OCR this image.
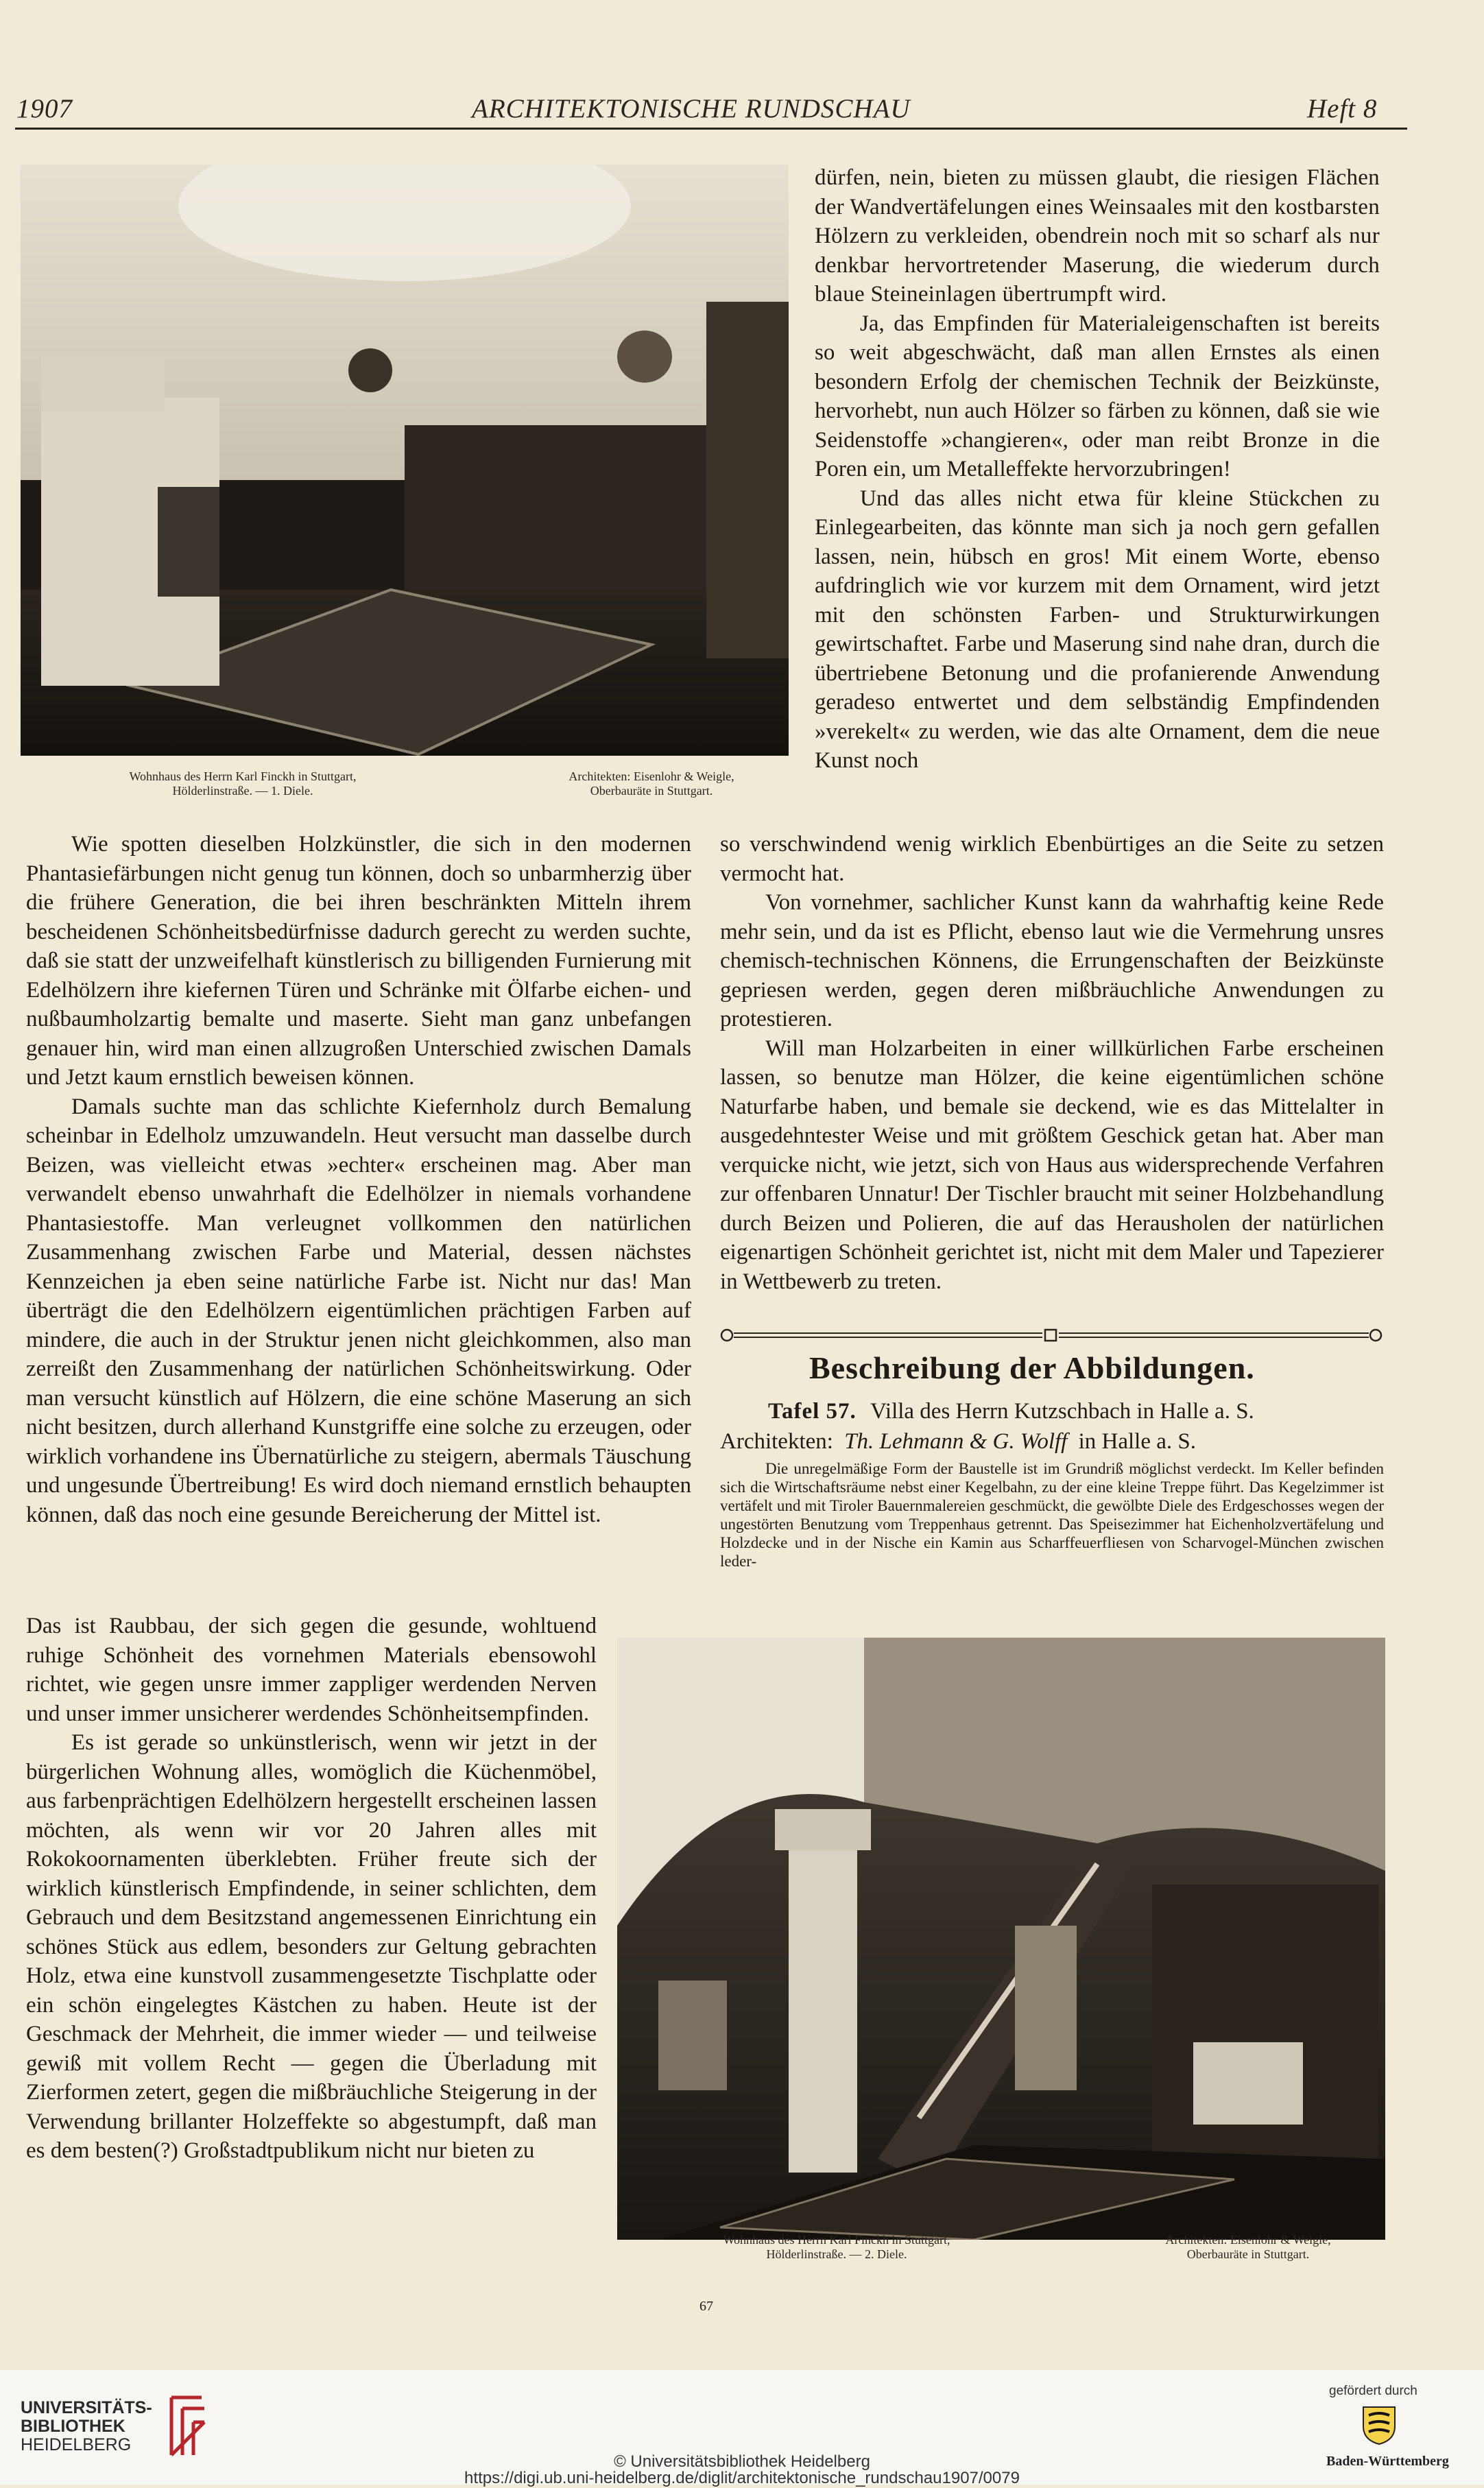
1907	ARCHITEKTONISCHE RUNDSCHAU	Heft 8
Wohnhaus des Herrn Karl Finckh in Stuttgart,
Hölderlinstraße. — 1. Diele.
Architekten: Eisenlohr & Weigle,
Oberbauräte in Stuttgart.

dürfen, nein, bieten zu müssen glaubt, die riesigen Flächen der Wandvertäfelungen eines Weinsaales mit den kostbarsten Hölzern zu verkleiden, obendrein noch mit so scharf als nur denkbar hervortretender Maserung, die wiederum durch blaue Steineinlagen übertrumpft wird.

Ja, das Empfinden für Materialeigenschaften ist bereits so weit abgeschwächt, daß man allen Ernstes als einen besondern Erfolg der chemischen Technik der Beizkünste, hervorhebt, nun auch Hölzer so färben zu können, daß sie wie Seidenstoffe »changieren«, oder man reibt Bronze in die Poren ein, um Metalleffekte hervorzubringen!

Und das alles nicht etwa für kleine Stückchen zu Einlegearbeiten, das könnte man sich ja noch gern gefallen lassen, nein, hübsch en gros! Mit einem Worte, ebenso aufdringlich wie vor kurzem mit dem Ornament, wird jetzt mit den schönsten Farben- und Strukturwirkungen gewirtschaftet. Farbe und Maserung sind nahe dran, durch die übertriebene Betonung und die profanierende Anwendung geradeso entwertet und dem selbständig Empfindenden »verekelt« zu werden, wie das alte Ornament, dem die neue Kunst noch

Wie spotten dieselben Holzkünstler, die sich in den modernen Phantasiefärbungen nicht genug tun können, doch so unbarmherzig über die frühere Generation, die bei ihren beschränkten Mitteln ihrem bescheidenen Schönheitsbedürfnisse dadurch gerecht zu werden suchte, daß sie statt der unzweifelhaft künstlerisch zu billigenden Furnierung mit Edelhölzern ihre kiefernen Türen und Schränke mit Ölfarbe eichen- und nußbaumholzartig bemalte und maserte. Sieht man ganz unbefangen genauer hin, wird man einen allzugroßen Unterschied zwischen Damals und Jetzt kaum ernstlich beweisen können.

Damals suchte man das schlichte Kiefernholz durch Bemalung scheinbar in Edelholz umzuwandeln. Heut versucht man dasselbe durch Beizen, was vielleicht etwas »echter« erscheinen mag. Aber man verwandelt ebenso unwahrhaft die Edelhölzer in niemals vorhandene Phantasiestoffe. Man verleugnet vollkommen den natürlichen Zusammenhang zwischen Farbe und Material, dessen nächstes Kennzeichen ja eben seine natürliche Farbe ist. Nicht nur das! Man überträgt die den Edelhölzern eigentümlichen prächtigen Farben auf mindere, die auch in der Struktur jenen nicht gleichkommen, also man zerreißt den Zusammenhang der natürlichen Schönheitswirkung. Oder man versucht künstlich auf Hölzern, die eine schöne Maserung an sich nicht besitzen, durch allerhand Kunstgriffe eine solche zu erzeugen, oder wirklich vorhandene ins Übernatürliche zu steigern, abermals Täuschung und ungesunde Übertreibung! Es wird doch niemand ernstlich behaupten können, daß das noch eine gesunde Bereicherung der Mittel ist.

Das ist Raubbau, der sich gegen die gesunde, wohltuend ruhige Schönheit des vornehmen Materials ebensowohl richtet, wie gegen unsre immer zappliger werdenden Nerven und unser immer unsicherer werdendes Schönheitsempfinden.

Es ist gerade so unkünstlerisch, wenn wir jetzt in der bürgerlichen Wohnung alles, womöglich die Küchenmöbel, aus farbenprächtigen Edelhölzern hergestellt erscheinen lassen möchten, als wenn wir vor 20 Jahren alles mit Rokokoornamenten überklebten. Früher freute sich der wirklich künstlerisch Empfindende, in seiner schlichten, dem Gebrauch und dem Besitzstand angemessenen Einrichtung ein schönes Stück aus edlem, besonders zur Geltung gebrachten Holz, etwa eine kunstvoll zusammengesetzte Tischplatte oder ein schön eingelegtes Kästchen zu haben. Heute ist der Geschmack der Mehrheit, die immer wieder — und teilweise gewiß mit vollem Recht — gegen die Überladung mit Zierformen zetert, gegen die mißbräuchliche Steigerung in der Verwendung brillanter Holzeffekte so abgestumpft, daß man es dem besten(?) Großstadtpublikum nicht nur bieten zu

so verschwindend wenig wirklich Ebenbürtiges an die Seite zu setzen vermocht hat.

Von vornehmer, sachlicher Kunst kann da wahrhaftig keine Rede mehr sein, und da ist es Pflicht, ebenso laut wie die Vermehrung unsres chemisch-technischen Könnens, die Errungenschaften der Beizkünste gepriesen werden, gegen deren mißbräuchliche Anwendungen zu protestieren.

Will man Holzarbeiten in einer willkürlichen Farbe erscheinen lassen, so benutze man Hölzer, die keine eigentümlichen schöne Naturfarbe haben, und bemale sie deckend, wie es das Mittelalter in ausgedehntester Weise und mit größtem Geschick getan hat. Aber man verquicke nicht, wie jetzt, sich von Haus aus widersprechende Verfahren zur offenbaren Unnatur! Der Tischler braucht mit seiner Holzbehandlung durch Beizen und Polieren, die auf das Herausholen der natürlichen eigenartigen Schönheit gerichtet ist, nicht mit dem Maler und Tapezierer in Wettbewerb zu treten.

Beschreibung der Abbildungen.
Tafel 57. Villa des Herrn Kutzschbach in Halle a. S.
Architekten: Th. Lehmann & G. Wolff in Halle a. S.

Die unregelmäßige Form der Baustelle ist im Grundriß möglichst verdeckt. Im Keller befinden sich die Wirtschaftsräume nebst einer Kegelbahn, zu der eine kleine Treppe führt. Das Kegelzimmer ist vertäfelt und mit Tiroler Bauernmalereien geschmückt, die gewölbte Diele des Erdgeschosses wegen der ungestörten Benutzung vom Treppenhaus getrennt. Das Speisezimmer hat Eichenholzvertäfelung und Holzdecke und in der Nische ein Kamin aus Scharffeuerfliesen von Scharvogel-München zwischen leder-

Wohnhaus des Herrn Karl Finckh in Stuttgart,
Hölderlinstraße. — 2. Diele.
Architekten: Eisenlohr & Weigle,
Oberbauräte in Stuttgart.
67
UNIVERSITÄTS-
BIBLIOTHEK
HEIDELBERG
gefördert durch
Baden-Württemberg
© Universitätsbibliothek Heidelberg
https://digi.ub.uni-heidelberg.de/diglit/architektonische_rundschau1907/0079
